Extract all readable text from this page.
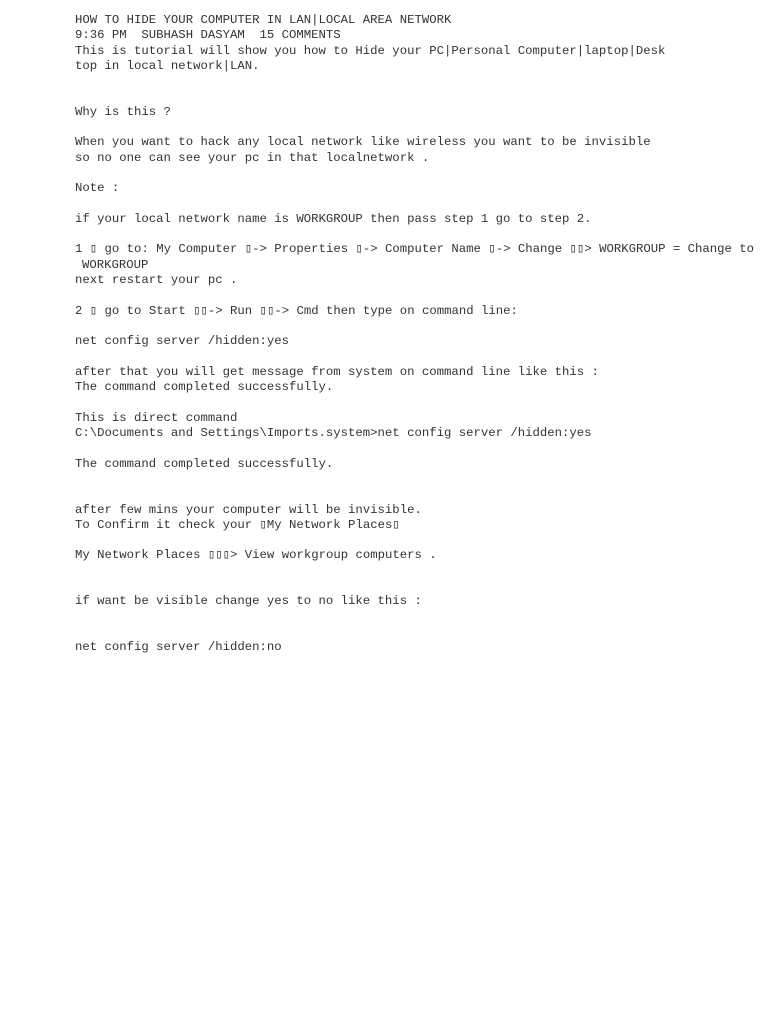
HOW TO HIDE YOUR COMPUTER IN LAN|LOCAL AREA NETWORK
9:36 PM  SUBHASH DASYAM  15 COMMENTS
This is tutorial will show you how to Hide your PC|Personal Computer|laptop|Desk
top in local network|LAN.
Why is this ?
When you want to hack any local network like wireless you want to be invisible
so no one can see your pc in that localnetwork .
Note :
if your local network name is WORKGROUP then pass step 1 go to step 2.
1 ▯ go to: My Computer ▯-> Properties ▯-> Computer Name ▯-> Change ▯▯> WORKGROUP = Change to
WORKGROUP
next restart your pc .
2 ▯ go to Start ▯▯-> Run ▯▯-> Cmd then type on command line:
net config server /hidden:yes
after that you will get message from system on command line like this :
The command completed successfully.
This is direct command
C:\Documents and Settings\Imports.system>net config server /hidden:yes
The command completed successfully.
after few mins your computer will be invisible.
To Confirm it check your ▯My Network Places▯
My Network Places ▯▯▯> View workgroup computers .
if want be visible change yes to no like this :
net config server /hidden:no
